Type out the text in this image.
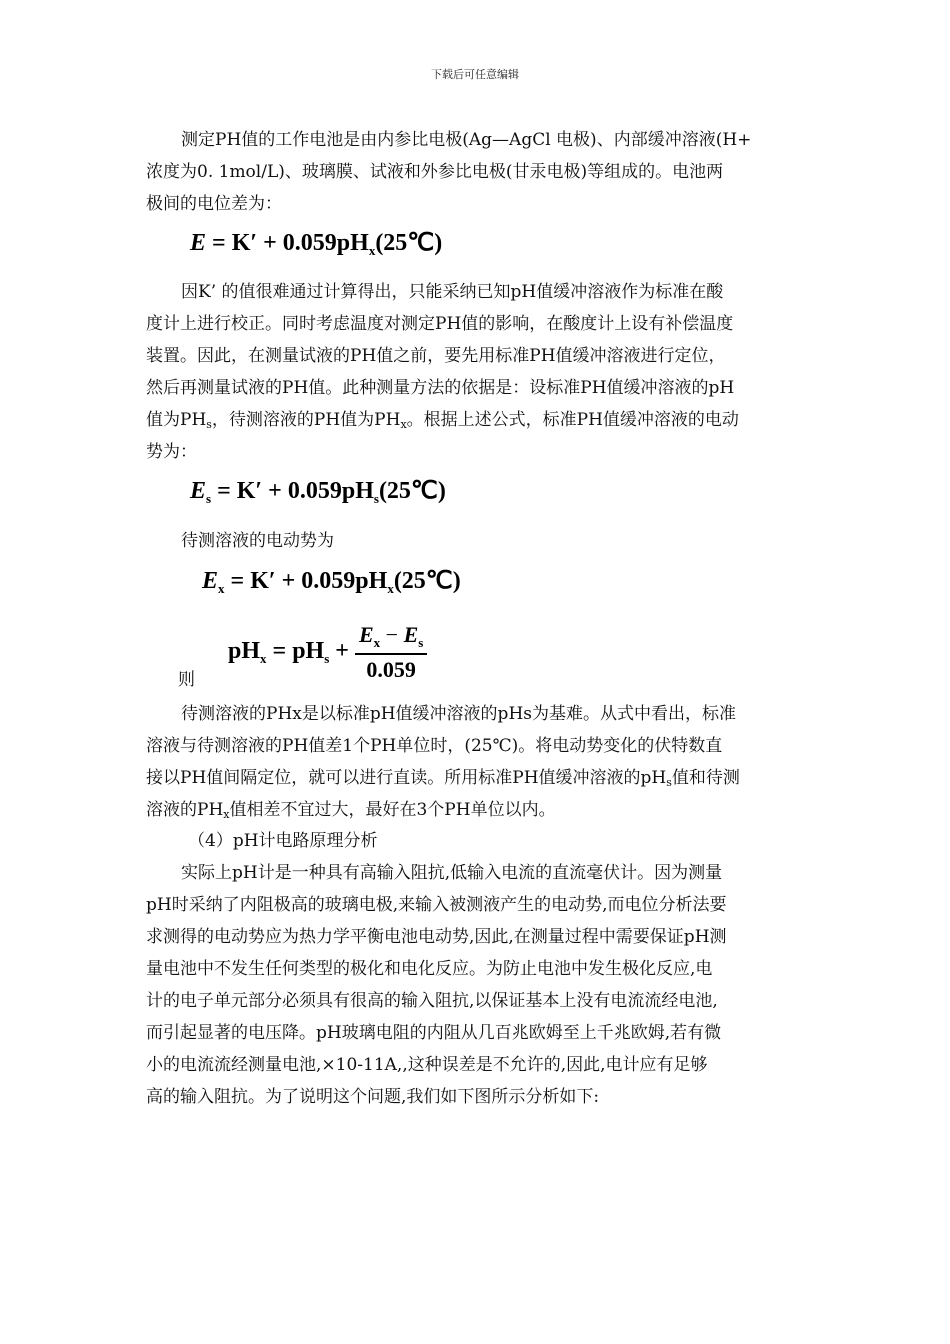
下载后可任意编辑
测定PH值的工作电池是由内参比电极(Ag—AgCl 电极)、内部缓冲溶液(H+
浓度为0. 1mol/L)、玻璃膜、试液和外参比电极(甘汞电极)等组成的。电池两
极间的电位差为：
$E = K' + 0.059pH_x(25℃)$
因K’ 的值很难通过计算得出，只能采纳已知pH值缓冲溶液作为标准在酸
度计上进行校正。同时考虑温度对测定PH值的影响，在酸度计上设有补偿温度
装置。因此，在测量试液的PH值之前，要先用标准PH值缓冲溶液进行定位，
然后再测量试液的PH值。此种测量方法的依据是：设标准PH值缓冲溶液的pH
值为$PH_s$，待测溶液的PH值为$PH_x$。根据上述公式，标准PH值缓冲溶液的电动
势为：
$E_s = K'$ + $0.059pH_s(25℃)$
待测溶液的电动势为
$E_x = K'$ + $0.059pH_x(25℃)$
$pH_x = pH_s + \frac{E_x - E_s}{0.059}$
则
待测溶液的PHx是以标准pH值缓冲溶液的pHs为基难。从式中看出，标准
溶液与待测溶液的PH值差1个PH单位时，(25℃)。将电动势变化的伏特数直
接以PH值间隔定位，就可以进行直读。所用标准PH值缓冲溶液的$pH_s$值和待测
溶液的$PH_x$值相差不宜过大，最好在3个PH单位以内。
（4）pH计电路原理分析
实际上pH计是一种具有高输入阻抗,低输入电流的直流毫伏计。因为测量
pH时采纳了内阻极高的玻璃电极,来输入被测液产生的电动势,而电位分析法要
求测得的电动势应为热力学平衡电池电动势,因此,在测量过程中需要保证pH测
量电池中不发生任何类型的极化和电化反应。为防止电池中发生极化反应,电
计的电子单元部分必须具有很高的输入阻抗,以保证基本上没有电流流经电池,
而引起显著的电压降。pH玻璃电阻的内阻从几百兆欧姆至上千兆欧姆,若有微
小的电流流经测量电池,×10-11A,,这种误差是不允许的,因此,电计应有足够
高的输入阻抗。为了说明这个问题,我们如下图所示分析如下:
